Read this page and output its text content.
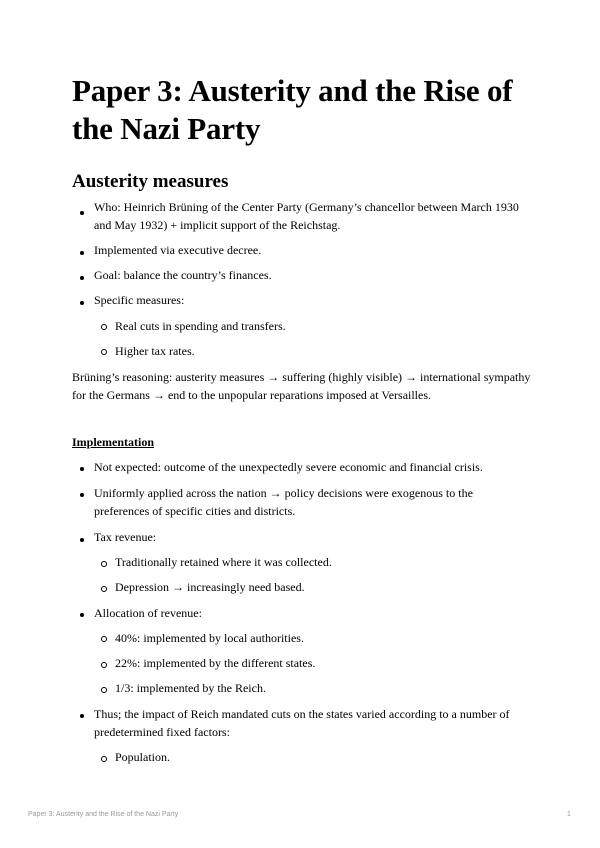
Paper 3: Austerity and the Rise of the Nazi Party
Austerity measures
Who: Heinrich Brüning of the Center Party (Germany’s chancellor between March 1930 and May 1932) + implicit support of the Reichstag.
Implemented via executive decree.
Goal: balance the country’s finances.
Specific measures:
Real cuts in spending and transfers.
Higher tax rates.
Brüning’s reasoning: austerity measures → suffering (highly visible) → international sympathy for the Germans → end to the unpopular reparations imposed at Versailles.
Implementation
Not expected: outcome of the unexpectedly severe economic and financial crisis.
Uniformly applied across the nation → policy decisions were exogenous to the preferences of specific cities and districts.
Tax revenue:
Traditionally retained where it was collected.
Depression → increasingly need based.
Allocation of revenue:
40%: implemented by local authorities.
22%: implemented by the different states.
1/3: implemented by the Reich.
Thus; the impact of Reich mandated cuts on the states varied according to a number of predetermined fixed factors:
Population.
Paper 3: Austerity and the Rise of the Nazi Party	1
